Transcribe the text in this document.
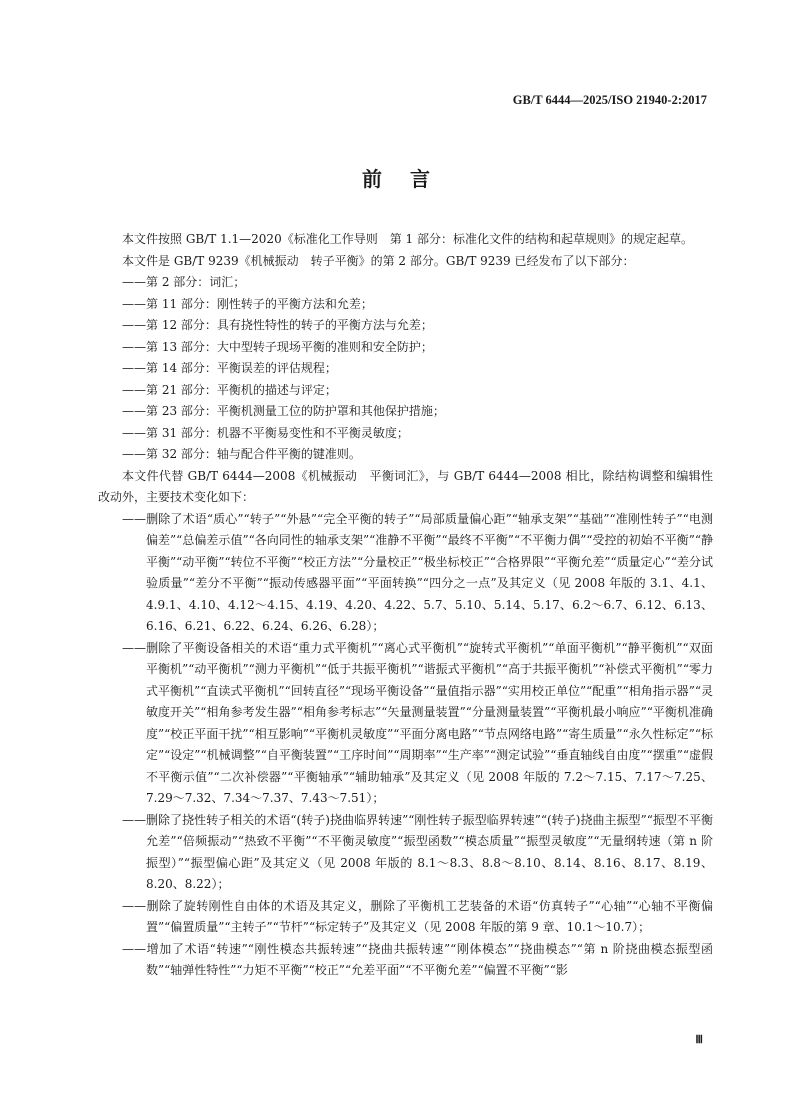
GB/T 6444—2025/ISO 21940-2:2017
前言

本文件按照 GB/T 1.1—2020《标准化工作导则　第 1 部分：标准化文件的结构和起草规则》的规定起草。

本文件是 GB/T 9239《机械振动　转子平衡》的第 2 部分。GB/T 9239 已经发布了以下部分：

——第 2 部分：词汇；

——第 11 部分：刚性转子的平衡方法和允差；

——第 12 部分：具有挠性特性的转子的平衡方法与允差；

——第 13 部分：大中型转子现场平衡的准则和安全防护；

——第 14 部分：平衡误差的评估规程；

——第 21 部分：平衡机的描述与评定；

——第 23 部分：平衡机测量工位的防护罩和其他保护措施；

——第 31 部分：机器不平衡易变性和不平衡灵敏度；

——第 32 部分：轴与配合件平衡的键准则。

本文件代替 GB/T 6444—2008《机械振动　平衡词汇》，与 GB/T 6444—2008 相比，除结构调整和编辑性改动外，主要技术变化如下：

——删除了术语“质心”“转子”“外悬”“完全平衡的转子”“局部质量偏心距”“轴承支架”“基础”“准刚性转子”“电测偏差”“总偏差示值”“各向同性的轴承支架”“准静不平衡”“最终不平衡”“不平衡力偶”“受控的初始不平衡”“静平衡”“动平衡”“转位不平衡”“校正方法”“分量校正”“极坐标校正”“合格界限”“平衡允差”“质量定心”“差分试验质量”“差分不平衡”“振动传感器平面”“平面转换”“四分之一点”及其定义（见 2008 年版的 3.1、4.1、4.9.1、4.10、4.12～4.15、4.19、4.20、4.22、5.7、5.10、5.14、5.17、6.2～6.7、6.12、6.13、6.16、6.21、6.22、6.24、6.26、6.28）；

——删除了平衡设备相关的术语“重力式平衡机”“离心式平衡机”“旋转式平衡机”“单面平衡机”“静平衡机”“双面平衡机”“动平衡机”“测力平衡机”“低于共振平衡机”“谐振式平衡机”“高于共振平衡机”“补偿式平衡机”“零力式平衡机”“直读式平衡机”“回转直径”“现场平衡设备”“量值指示器”“实用校正单位”“配重”“相角指示器”“灵敏度开关”“相角参考发生器”“相角参考标志”“矢量测量装置”“分量测量装置”“平衡机最小响应”“平衡机准确度”“校正平面干扰”“相互影响”“平衡机灵敏度”“平面分离电路”“节点网络电路”“寄生质量”“永久性标定”“标定”“设定”“机械调整”“自平衡装置”“工序时间”“周期率”“生产率”“测定试验”“垂直轴线自由度”“摆重”“虚假不平衡示值”“二次补偿器”“平衡轴承”“辅助轴承”及其定义（见 2008 年版的 7.2～7.15、7.17～7.25、7.29～7.32、7.34～7.37、7.43～7.51）；

——删除了挠性转子相关的术语“(转子)挠曲临界转速”“刚性转子振型临界转速”“(转子)挠曲主振型”“振型不平衡允差”“倍频振动”“热致不平衡”“不平衡灵敏度”“振型函数”“模态质量”“振型灵敏度”“无量纲转速（第 n 阶振型）”“振型偏心距”及其定义（见 2008 年版的 8.1～8.3、8.8～8.10、8.14、8.16、8.17、8.19、8.20、8.22）；

——删除了旋转刚性自由体的术语及其定义，删除了平衡机工艺装备的术语“仿真转子”“心轴”“心轴不平衡偏置”“偏置质量”“主转子”“节杆”“标定转子”及其定义（见 2008 年版的第 9 章、10.1～10.7）；

——增加了术语“转速”“刚性模态共振转速”“挠曲共振转速”“刚体模态”“挠曲模态”“第 n 阶挠曲模态振型函数”“轴弹性特性”“力矩不平衡”“校正”“允差平面”“不平衡允差”“偏置不平衡”“影

Ⅲ
